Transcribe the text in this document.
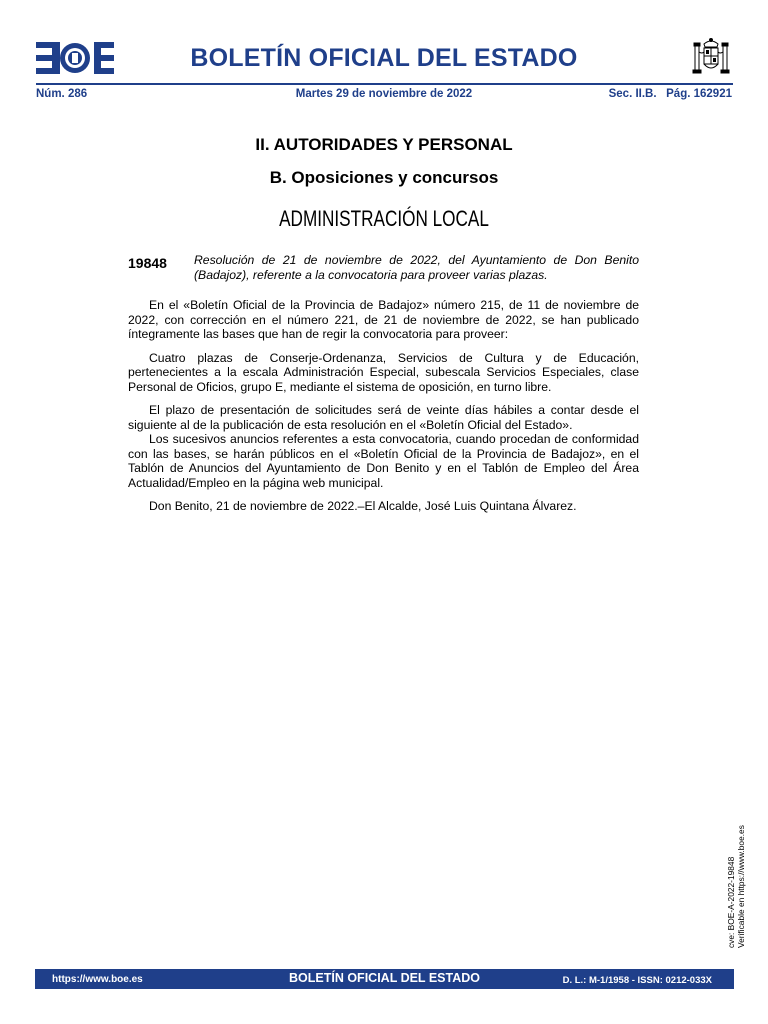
BOLETÍN OFICIAL DEL ESTADO
Núm. 286	Martes 29 de noviembre de 2022	Sec. II.B.   Pág. 162921
II. AUTORIDADES Y PERSONAL
B. Oposiciones y concursos
ADMINISTRACIÓN LOCAL
19848 Resolución de 21 de noviembre de 2022, del Ayuntamiento de Don Benito (Badajoz), referente a la convocatoria para proveer varias plazas.

En el «Boletín Oficial de la Provincia de Badajoz» número 215, de 11 de noviembre de 2022, con corrección en el número 221, de 21 de noviembre de 2022, se han publicado íntegramente las bases que han de regir la convocatoria para proveer:

Cuatro plazas de Conserje-Ordenanza, Servicios de Cultura y de Educación, pertenecientes a la escala Administración Especial, subescala Servicios Especiales, clase Personal de Oficios, grupo E, mediante el sistema de oposición, en turno libre.

El plazo de presentación de solicitudes será de veinte días hábiles a contar desde el siguiente al de la publicación de esta resolución en el «Boletín Oficial del Estado».

Los sucesivos anuncios referentes a esta convocatoria, cuando procedan de conformidad con las bases, se harán públicos en el «Boletín Oficial de la Provincia de Badajoz», en el Tablón de Anuncios del Ayuntamiento de Don Benito y en el Tablón de Empleo del Área Actualidad/Empleo en la página web municipal.

Don Benito, 21 de noviembre de 2022.–El Alcalde, José Luis Quintana Álvarez.

cve: BOE-A-2022-19848 Verificable en https://www.boe.es
https://www.boe.es	BOLETÍN OFICIAL DEL ESTADO	D. L.: M-1/1958 - ISSN: 0212-033X
